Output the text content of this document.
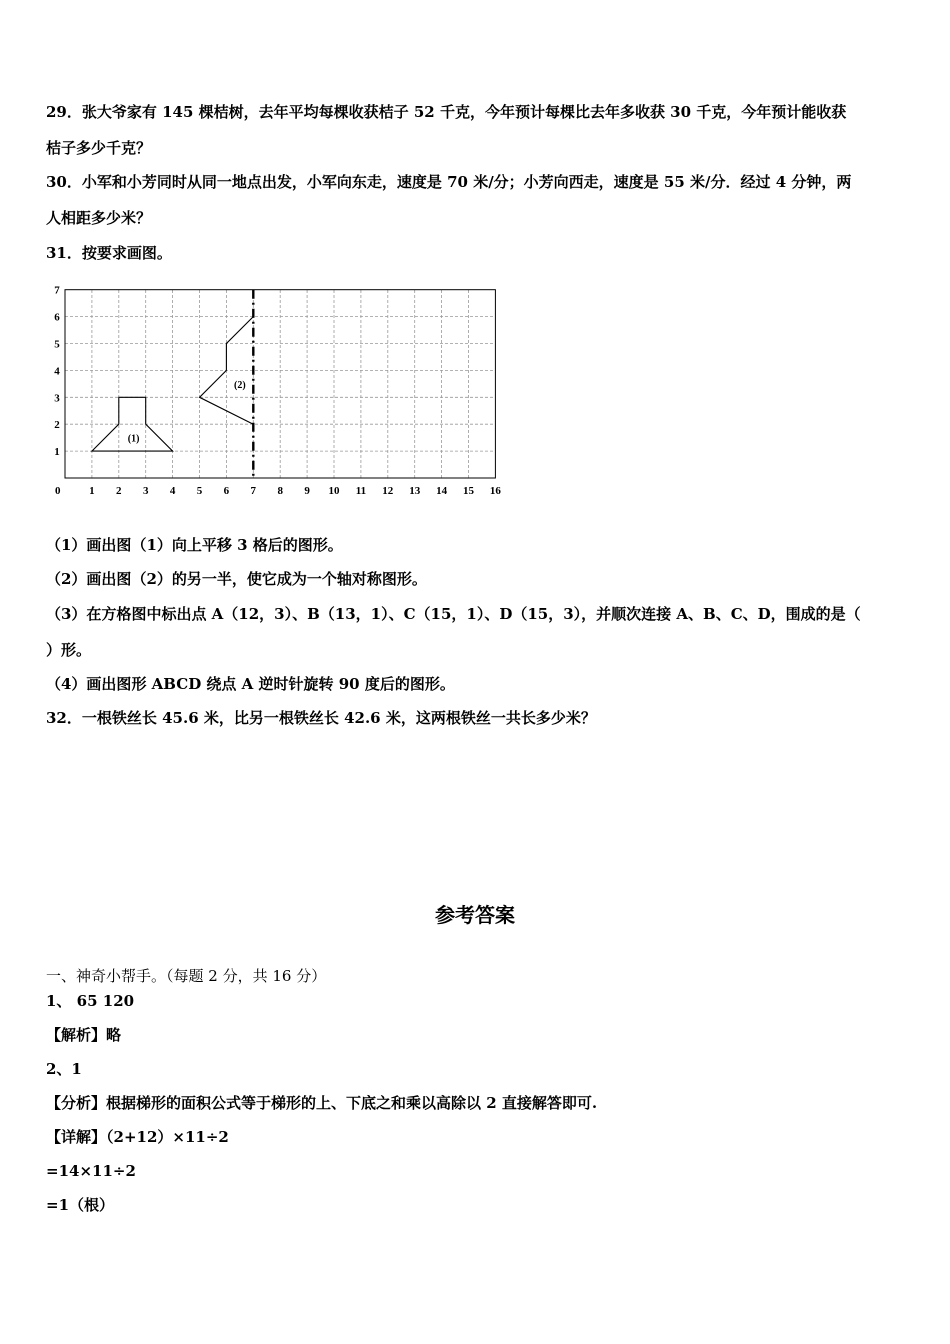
29．张大爷家有 145 棵桔树，去年平均每棵收获桔子 52 千克，今年预计每棵比去年多收获 30 千克，今年预计能收获
桔子多少千克？
30．小军和小芳同时从同一地点出发，小军向东走，速度是 70 米/分；小芳向西走，速度是 55 米/分．经过 4 分钟，两
人相距多少米？
31．按要求画图。
(1)
(2)
0	1 2 3 4 5 6 7 8 9 10 11 12 13 14 15 16
1
2
3
4
5
6
7
（1）画出图（1）向上平移 3 格后的图形。
（2）画出图（2）的另一半，使它成为一个轴对称图形。
（3）在方格图中标出点 A（12，3）、B（13，1）、C（15，1）、D（15，3），并顺次连接 A、B、C、D，围成的是（
）形。
（4）画出图形 ABCD 绕点 A 逆时针旋转 90 度后的图形。
32．一根铁丝长 45.6 米，比另一根铁丝长 42.6 米，这两根铁丝一共长多少米？
参考答案
一、神奇小帮手。（每题 2 分，共 16 分）
1、 65 120
【解析】略
2、1
【分析】根据梯形的面积公式等于梯形的上、下底之和乘以高除以 2 直接解答即可.
【详解】（2+12）×11÷2
=14×11÷2
=1（根）
